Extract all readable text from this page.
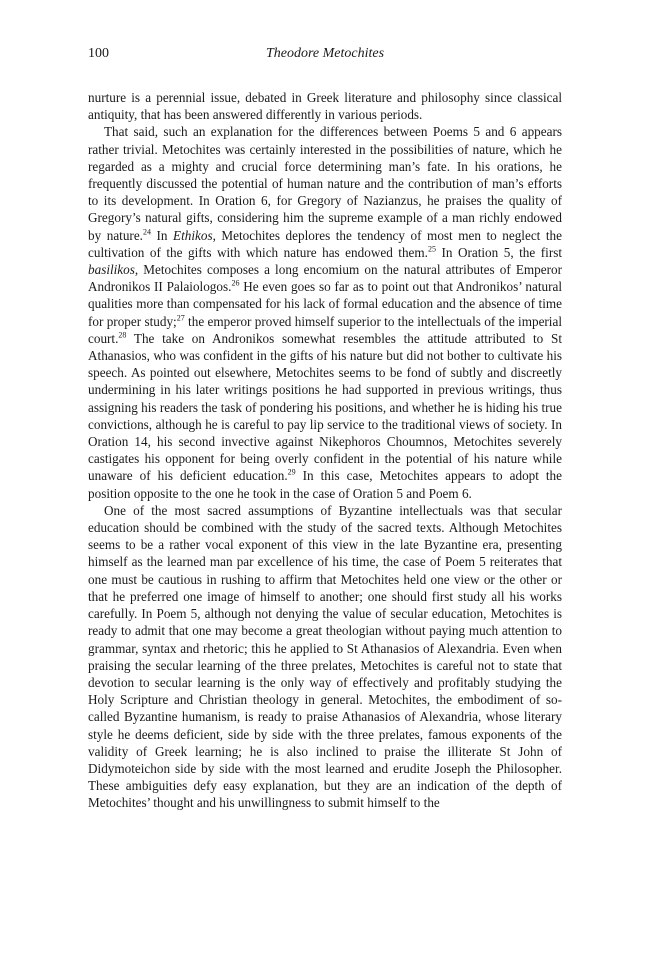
100	Theodore Metochites

nurture is a perennial issue, debated in Greek literature and philosophy since classical antiquity, that has been answered differently in various periods.

That said, such an explanation for the differences between Poems 5 and 6 appears rather trivial. Metochites was certainly interested in the possibilities of nature, which he regarded as a mighty and crucial force determining man’s fate. In his orations, he frequently discussed the potential of human nature and the contribution of man’s efforts to its development. In Oration 6, for Gregory of Nazianzus, he praises the quality of Gregory’s natural gifts, considering him the supreme example of a man richly endowed by nature.$^{24}$ In Ethikos, Metochites deplores the tendency of most men to neglect the cultivation of the gifts with which nature has endowed them.$^{25}$ In Oration 5, the first basilikos, Metochites composes a long encomium on the natural attributes of Emperor Andronikos II Palaiologos.$^{26}$ He even goes so far as to point out that Andronikos’ natural qualities more than compensated for his lack of formal education and the absence of time for proper study;$^{27}$ the emperor proved himself superior to the intellectuals of the imperial court.$^{28}$ The take on Andronikos somewhat resembles the attitude attributed to St Athanasios, who was confident in the gifts of his nature but did not bother to cultivate his speech. As pointed out elsewhere, Metochites seems to be fond of subtly and discreetly undermining in his later writings positions he had supported in previous writings, thus assigning his readers the task of pondering his positions, and whether he is hiding his true convictions, although he is careful to pay lip service to the traditional views of society. In Oration 14, his second invective against Nikephoros Choumnos, Metochites severely castigates his opponent for being overly confident in the potential of his nature while unaware of his deficient education.$^{29}$ In this case, Metochites appears to adopt the position opposite to the one he took in the case of Oration 5 and Poem 6.

One of the most sacred assumptions of Byzantine intellectuals was that secular education should be combined with the study of the sacred texts. Although Metochites seems to be a rather vocal exponent of this view in the late Byzantine era, presenting himself as the learned man par excellence of his time, the case of Poem 5 reiterates that one must be cautious in rushing to affirm that Metochites held one view or the other or that he preferred one image of himself to another; one should first study all his works carefully. In Poem 5, although not denying the value of secular education, Metochites is ready to admit that one may become a great theologian without paying much attention to grammar, syntax and rhetoric; this he applied to St Athanasios of Alexandria. Even when praising the secular learning of the three prelates, Metochites is careful not to state that devotion to secular learning is the only way of effectively and profitably studying the Holy Scripture and Christian theology in general. Metochites, the embodiment of so-called Byzantine humanism, is ready to praise Athanasios of Alexandria, whose literary style he deems deficient, side by side with the three prelates, famous exponents of the validity of Greek learning; he is also inclined to praise the illiterate St John of Didymoteichon side by side with the most learned and erudite Joseph the Philosopher. These ambiguities defy easy explanation, but they are an indication of the depth of Metochites’ thought and his unwillingness to submit himself to the
